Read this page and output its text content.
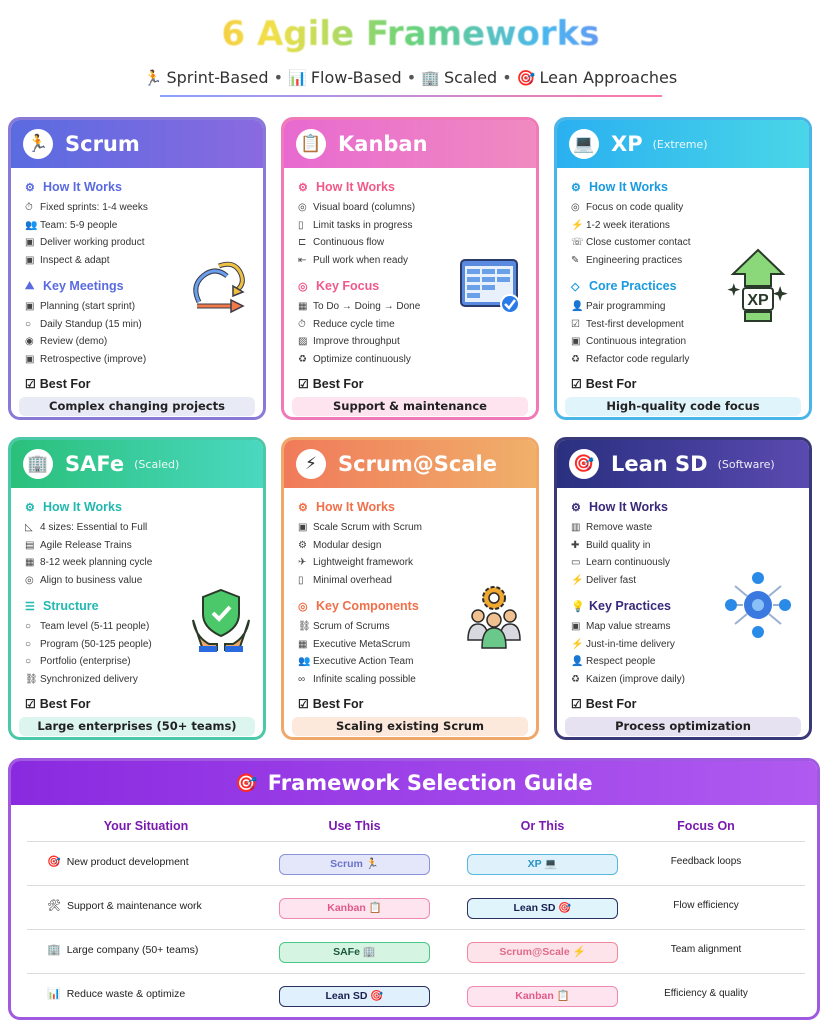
6 Agile Frameworks
🏃 Sprint-Based • 📊 Flow-Based • 🏢 Scaled • 🎯 Lean Approaches
🏃 Scrum
⚙ How It Works
⏱ Fixed sprints: 1-4 weeks
👥 Team: 5-9 people
▣ Deliver working product
▣ Inspect & adapt
⛰ Key Meetings
▣ Planning (start sprint)
○ Daily Standup (15 min)
◉ Review (demo)
▣ Retrospective (improve)
☑ Best For
Complex changing projects
📋 Kanban
⚙ How It Works
◎ Visual board (columns)
▯ Limit tasks in progress
⊏ Continuous flow
⇤ Pull work when ready
◎ Key Focus
▦ To Do → Doing → Done
⏱ Reduce cycle time
▨ Improve throughput
♻ Optimize continuously
☑ Best For
Support & maintenance
💻 XP (Extreme)
⚙ How It Works
◎ Focus on code quality
⚡ 1-2 week iterations
☏ Close customer contact
✎ Engineering practices
◇ Core Practices
👤 Pair programming
☑ Test-first development
▣ Continuous integration
♻ Refactor code regularly
XP
☑ Best For
High-quality code focus
🏢 SAFe (Scaled)
⚙ How It Works
◺ 4 sizes: Essential to Full
▤ Agile Release Trains
▦ 8-12 week planning cycle
◎ Align to business value
☰ Structure
○ Team level (5-11 people)
○ Program (50-125 people)
○ Portfolio (enterprise)
⛓ Synchronized delivery
☑ Best For
Large enterprises (50+ teams)
⚡	Scrum@Scale
⚙ How It Works
▣ Scale Scrum with Scrum
⚙ Modular design
✈ Lightweight framework
▯ Minimal overhead
◎ Key Components
⛓ Scrum of Scrums
▦ Executive MetaScrum
👥 Executive Action Team
∞ Infinite scaling possible
☑ Best For
Scaling existing Scrum
🎯 Lean SD (Software)
⚙ How It Works
▥ Remove waste
✚ Build quality in
▭ Learn continuously
⚡ Deliver fast
💡 Key Practices
▣ Map value streams
⚡ Just-in-time delivery
👤 Respect people
♻ Kaizen (improve daily)
☑ Best For
Process optimization
🎯 Framework Selection Guide
Your Situation	Use This	Or This	Focus On
🎯 New product development	Scrum 🏃	XP 💻	Feedback loops
🛠 Support & maintenance work	Kanban 📋	Lean SD 🎯	Flow efficiency
🏢 Large company (50+ teams)	SAFe 🏢	Scrum@Scale ⚡	Team alignment
📊 Reduce waste & optimize	Lean SD 🎯	Kanban 📋	Efficiency & quality
